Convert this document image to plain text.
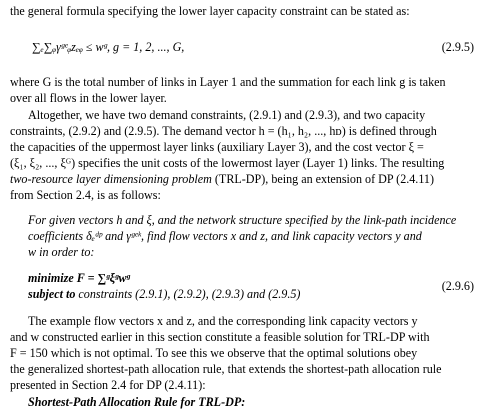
the general formula specifying the lower layer capacity constraint can be stated as:
∑ₑ∑ᵩγᵍᵉᵩzₑᵩ ≤ wᵍ, g = 1, 2, ..., G,	(2.9.5)
where G is the total number of links in Layer 1 and the summation for each link g is taken
over all flows in the lower layer.
Altogether, we have two demand constraints, (2.9.1) and (2.9.3), and two capacity
constraints, (2.9.2) and (2.9.5). The demand vector h = (h₁, h₂, ..., hᴅ) is defined through
the capacities of the uppermost layer links (auxiliary Layer 3), and the cost vector ξ =
(ξ₁, ξ₂, ..., ξᴳ) specifies the unit costs of the lowermost layer (Layer 1) links. The resulting
two-resource layer dimensioning problem (TRL-DP), being an extension of DP (2.4.11)
from Section 2.4, is as follows:
For given vectors h and ξ, and the network structure specified by the link-path incidence
coefficients δₑᵈᵖ and γᵍᵉᵏ, find flow vectors x and z, and link capacity vectors y and
w in order to:
minimize F = ∑ᵍξᵍwᵍ
subject to constraints (2.9.1), (2.9.2), (2.9.3) and (2.9.5)
(2.9.6)
The example flow vectors x and z, and the corresponding link capacity vectors y
and w constructed earlier in this section constitute a feasible solution for TRL-DP with
F = 150 which is not optimal. To see this we observe that the optimal solutions obey
the generalized shortest-path allocation rule, that extends the shortest-path allocation rule
presented in Section 2.4 for DP (2.4.11):
Shortest-Path Allocation Rule for TRL-DP:
